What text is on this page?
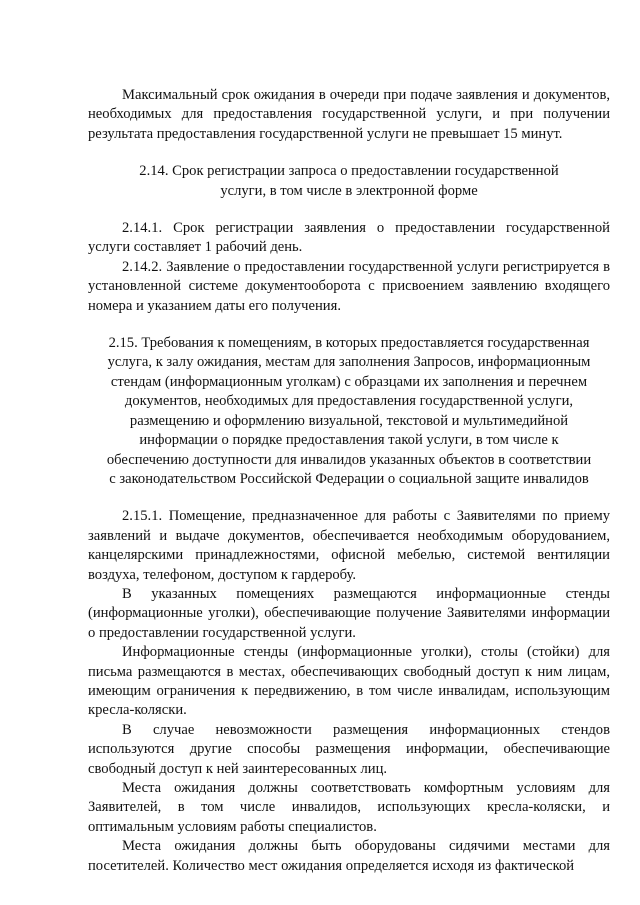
Максимальный срок ожидания в очереди при подаче заявления и документов, необходимых для предоставления государственной услуги, и при получении результата предоставления государственной услуги не превышает 15 минут.

2.14. Срок регистрации запроса о предоставлении государственной услуги, в том числе в электронной форме

2.14.1. Срок регистрации заявления о предоставлении государственной услуги составляет 1 рабочий день.

2.14.2. Заявление о предоставлении государственной услуги регистрируется в установленной системе документооборота с присвоением заявлению входящего номера и указанием даты его получения.

2.15. Требования к помещениям, в которых предоставляется государственная услуга, к залу ожидания, местам для заполнения Запросов, информационным стендам (информационным уголкам) с образцами их заполнения и перечнем документов, необходимых для предоставления государственной услуги, размещению и оформлению визуальной, текстовой и мультимедийной информации о порядке предоставления такой услуги, в том числе к обеспечению доступности для инвалидов указанных объектов в соответствии с законодательством Российской Федерации о социальной защите инвалидов

2.15.1. Помещение, предназначенное для работы с Заявителями по приему заявлений и выдаче документов, обеспечивается необходимым оборудованием, канцелярскими принадлежностями, офисной мебелью, системой вентиляции воздуха, телефоном, доступом к гардеробу.

В указанных помещениях размещаются информационные стенды (информационные уголки), обеспечивающие получение Заявителями информации о предоставлении государственной услуги.

Информационные стенды (информационные уголки), столы (стойки) для письма размещаются в местах, обеспечивающих свободный доступ к ним лицам, имеющим ограничения к передвижению, в том числе инвалидам, использующим кресла-коляски.

В случае невозможности размещения информационных стендов используются другие способы размещения информации, обеспечивающие свободный доступ к ней заинтересованных лиц.

Места ожидания должны соответствовать комфортным условиям для Заявителей, в том числе инвалидов, использующих кресла-коляски, и оптимальным условиям работы специалистов.

Места ожидания должны быть оборудованы сидячими местами для посетителей. Количество мест ожидания определяется исходя из фактической
